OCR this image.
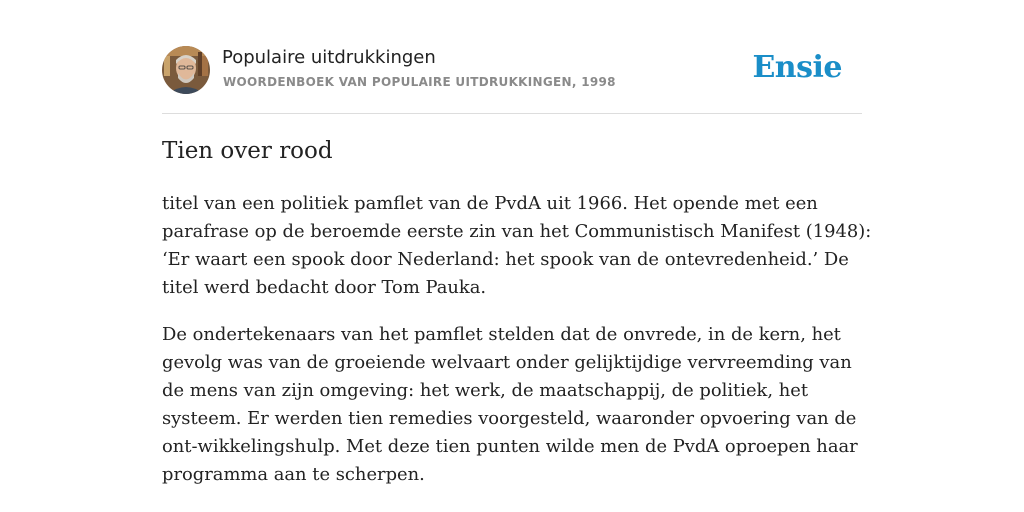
Populaire uitdrukkingen
WOORDENBOEK VAN POPULAIRE UITDRUKKINGEN, 1998	Ensie
Tien over rood

titel van een politiek pamflet van de PvdA uit 1966. Het opende met een parafrase op de beroemde eerste zin van het Communistisch Manifest (1948): ‘Er waart een spook door Nederland: het spook van de ontevredenheid.’ De titel werd bedacht door Tom Pauka.

De ondertekenaars van het pamflet stelden dat de onvrede, in de kern, het gevolg was van de groeiende welvaart onder gelijktijdige vervreemding van de mens van zijn omgeving: het werk, de maatschappij, de politiek, het systeem. Er werden tien remedies voorgesteld, waaronder opvoering van de ont-wikkelingshulp. Met deze tien punten wilde men de PvdA oproepen haar programma aan te scherpen.
